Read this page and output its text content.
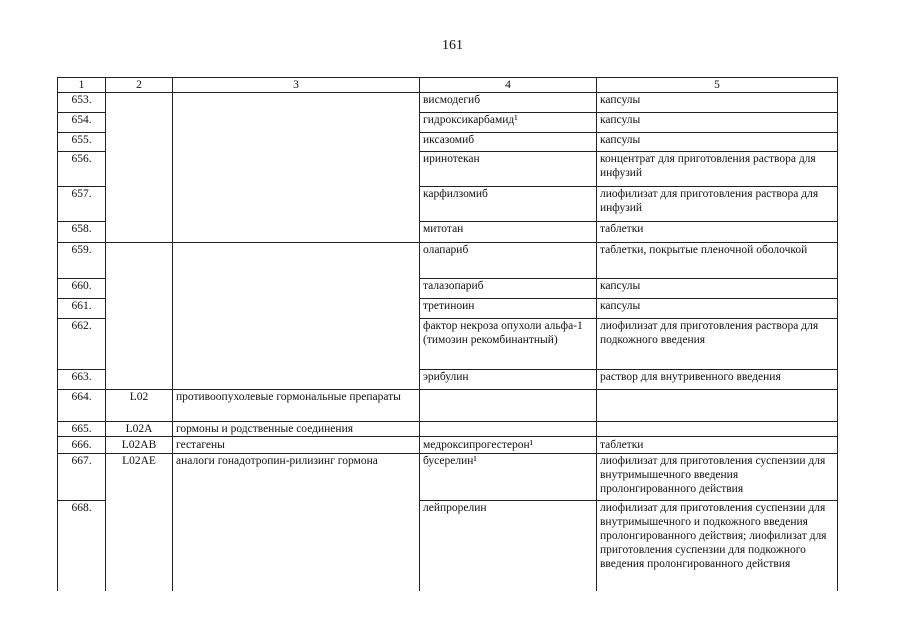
161
1	2	3	4	5
653.			висмодегиб	капсулы
654.			гидроксикарбамид¹	капсулы
655.			иксазомиб	капсулы
656.			иринотекан	концентрат для приготовления раствора для инфузий
657.			карфилзомиб	лиофилизат для приготовления раствора для инфузий
658.			митотан	таблетки
659.			олапариб	таблетки, покрытые пленочной оболочкой
660.			талазопариб	капсулы
661.			третиноин	капсулы
662.			фактор некроза опухоли альфа-1 (тимозин рекомбинантный)	лиофилизат для приготовления раствора для подкожного введения
663.			эрибулин	раствор для внутривенного введения
664.	L02	противоопухолевые гормональные препараты		
665.	L02A	гормоны и родственные соединения		
666.	L02AB	гестагены	медроксипрогестерон¹	таблетки
667.	L02AE	аналоги гонадотропин-рилизинг гормона	бусерелин¹	лиофилизат для приготовления суспензии для внутримышечного введения пролонгированного действия
668.			лейпрорелин	лиофилизат для приготовления суспензии для внутримышечного и подкожного введения пролонгированного действия; лиофилизат для приготовления суспензии для подкожного введения пролонгированного действия
